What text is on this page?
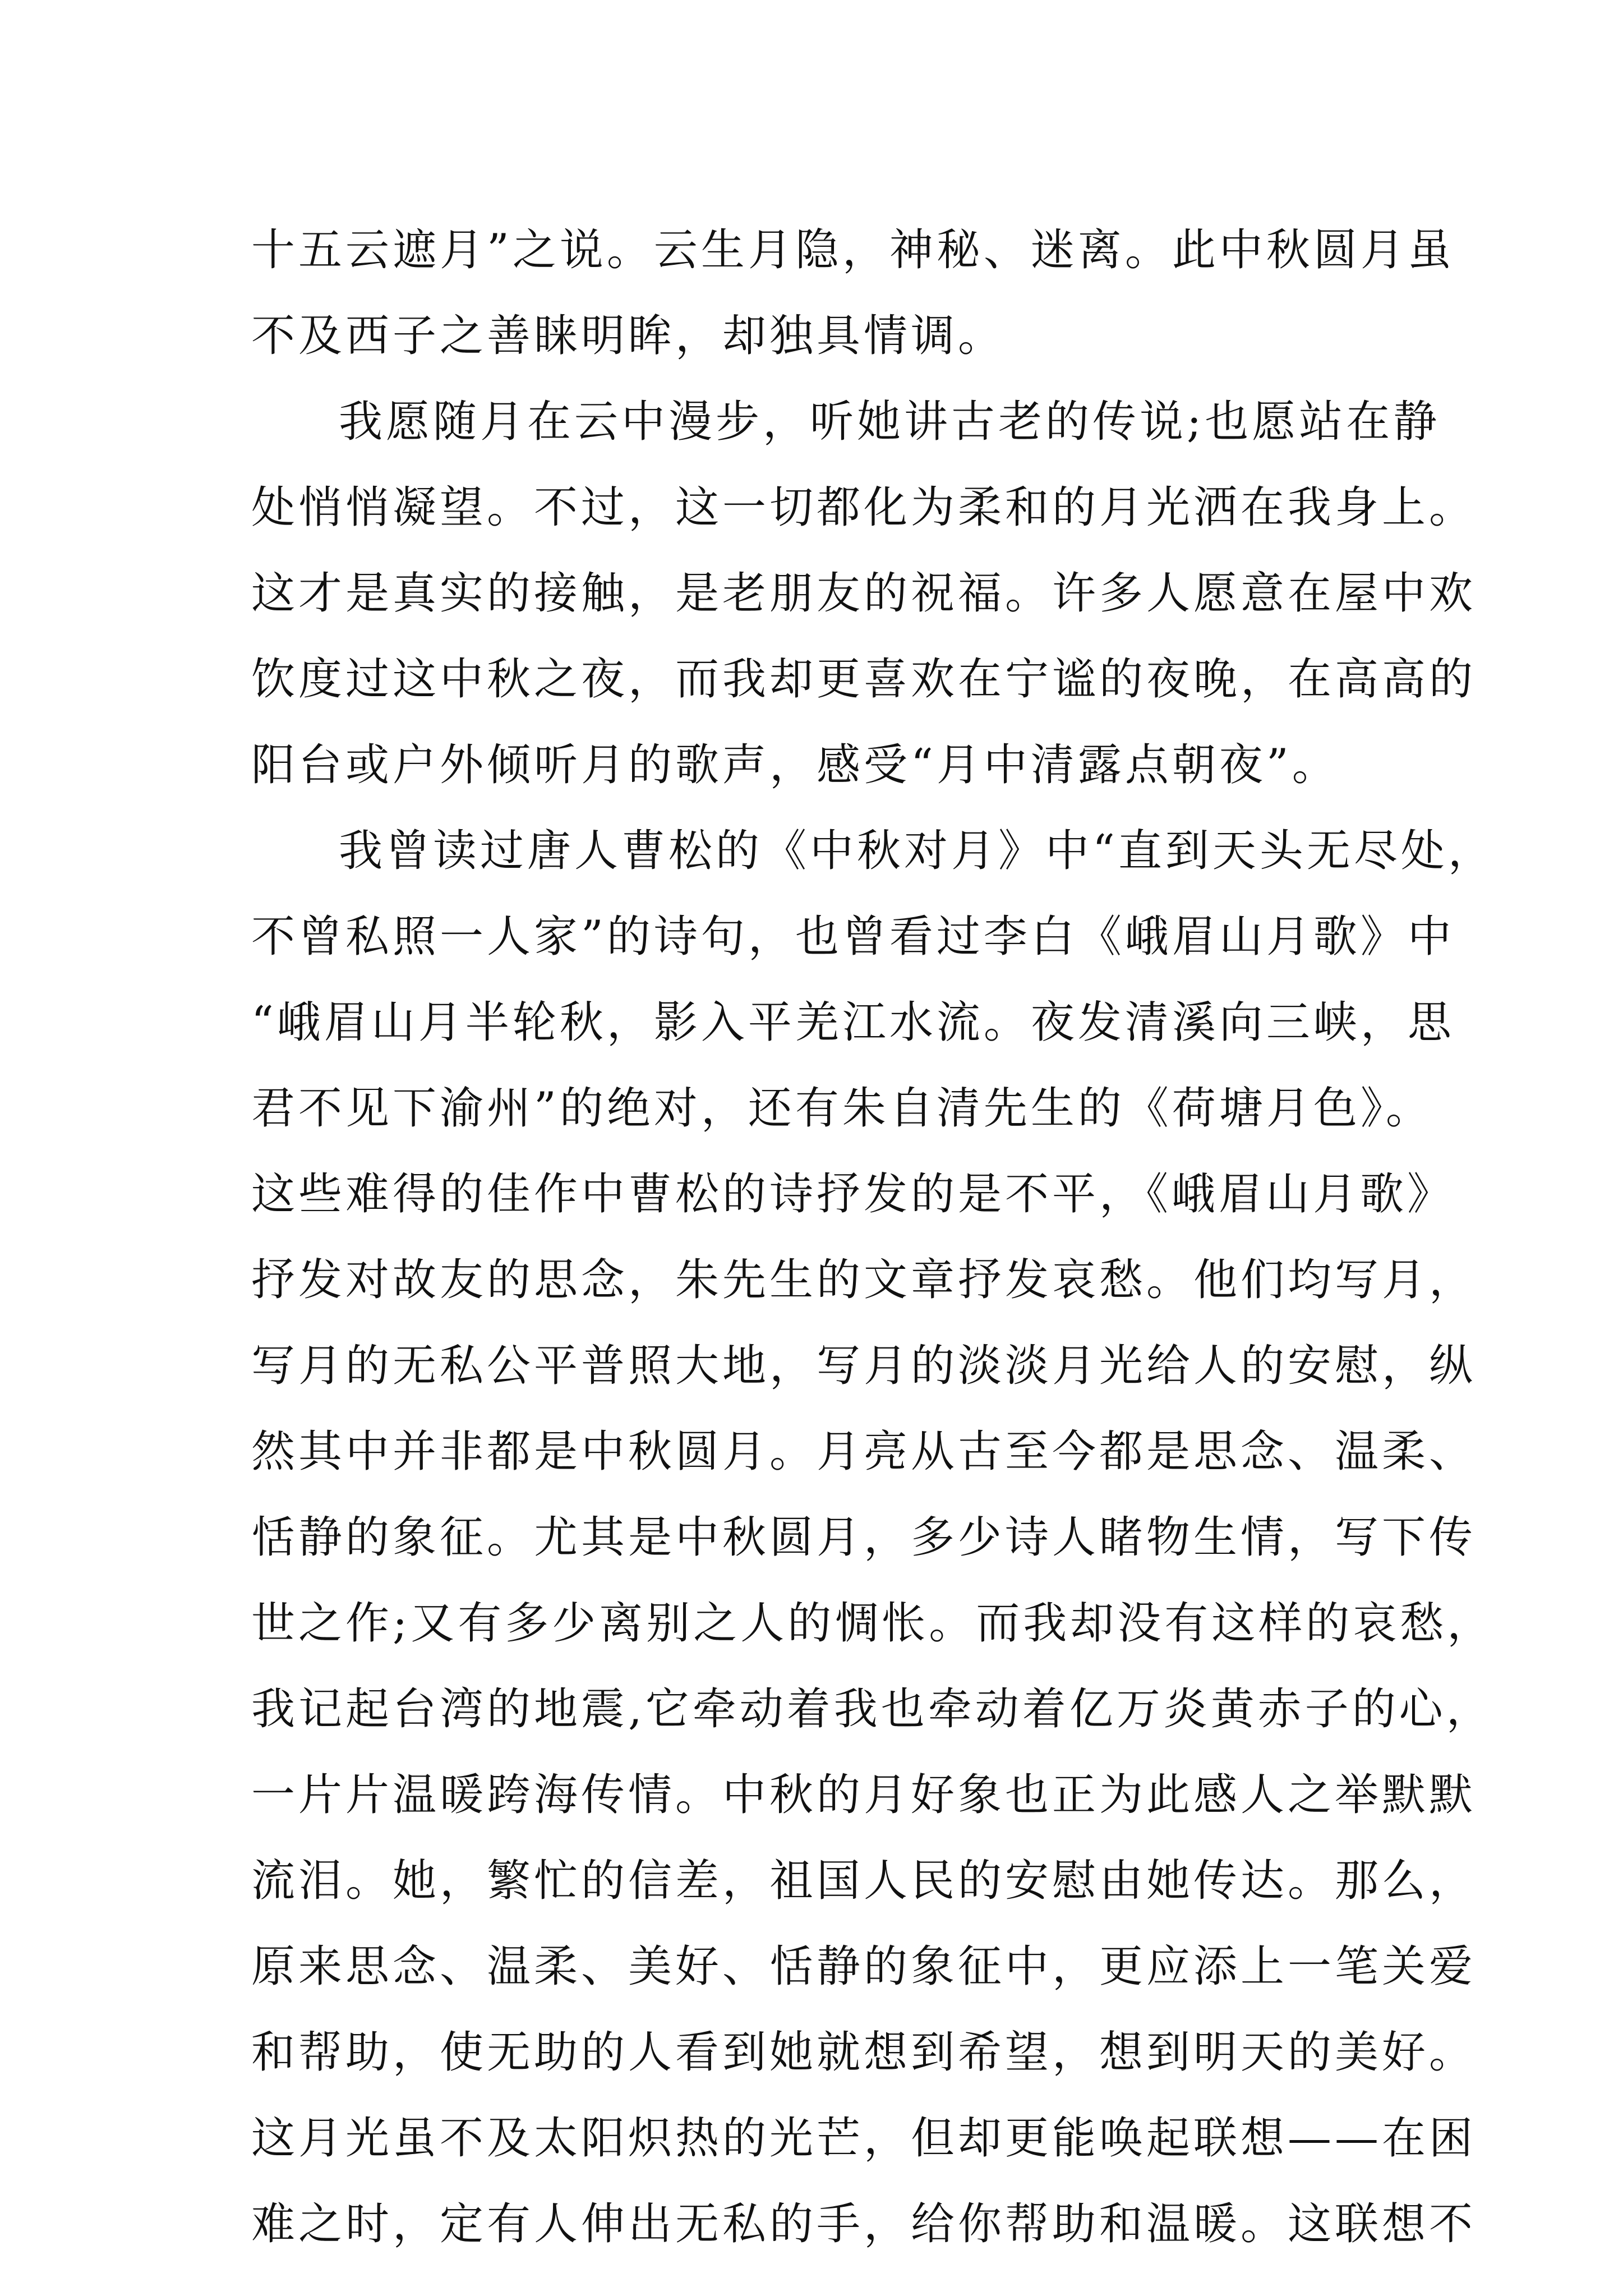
十五云遮月”之说。云生月隐，神秘、迷离。此中秋圆月虽
不及西子之善睐明眸，却独具情调。
我愿随月在云中漫步，听她讲古老的传说;也愿站在静
处悄悄凝望。不过，这一切都化为柔和的月光洒在我身上。
这才是真实的接触，是老朋友的祝福。许多人愿意在屋中欢
饮度过这中秋之夜，而我却更喜欢在宁谧的夜晚，在高高的
阳台或户外倾听月的歌声，感受“月中清露点朝夜”。
我曾读过唐人曹松的《中秋对月》中“直到天头无尽处，
不曾私照一人家”的诗句，也曾看过李白《峨眉山月歌》中
“峨眉山月半轮秋，影入平羌江水流。夜发清溪向三峡，思
君不见下渝州”的绝对，还有朱自清先生的《荷塘月色》。
这些难得的佳作中曹松的诗抒发的是不平，《峨眉山月歌》
抒发对故友的思念，朱先生的文章抒发哀愁。他们均写月，
写月的无私公平普照大地，写月的淡淡月光给人的安慰，纵
然其中并非都是中秋圆月。月亮从古至今都是思念、温柔、
恬静的象征。尤其是中秋圆月，多少诗人睹物生情，写下传
世之作;又有多少离别之人的惆怅。而我却没有这样的哀愁，
我记起台湾的地震,它牵动着我也牵动着亿万炎黄赤子的心，
一片片温暖跨海传情。中秋的月好象也正为此感人之举默默
流泪。她，繁忙的信差，祖国人民的安慰由她传达。那么，
原来思念、温柔、美好、恬静的象征中，更应添上一笔关爱
和帮助，使无助的人看到她就想到希望，想到明天的美好。
这月光虽不及太阳炽热的光芒，但却更能唤起联想——在困
难之时，定有人伸出无私的手，给你帮助和温暖。这联想不
